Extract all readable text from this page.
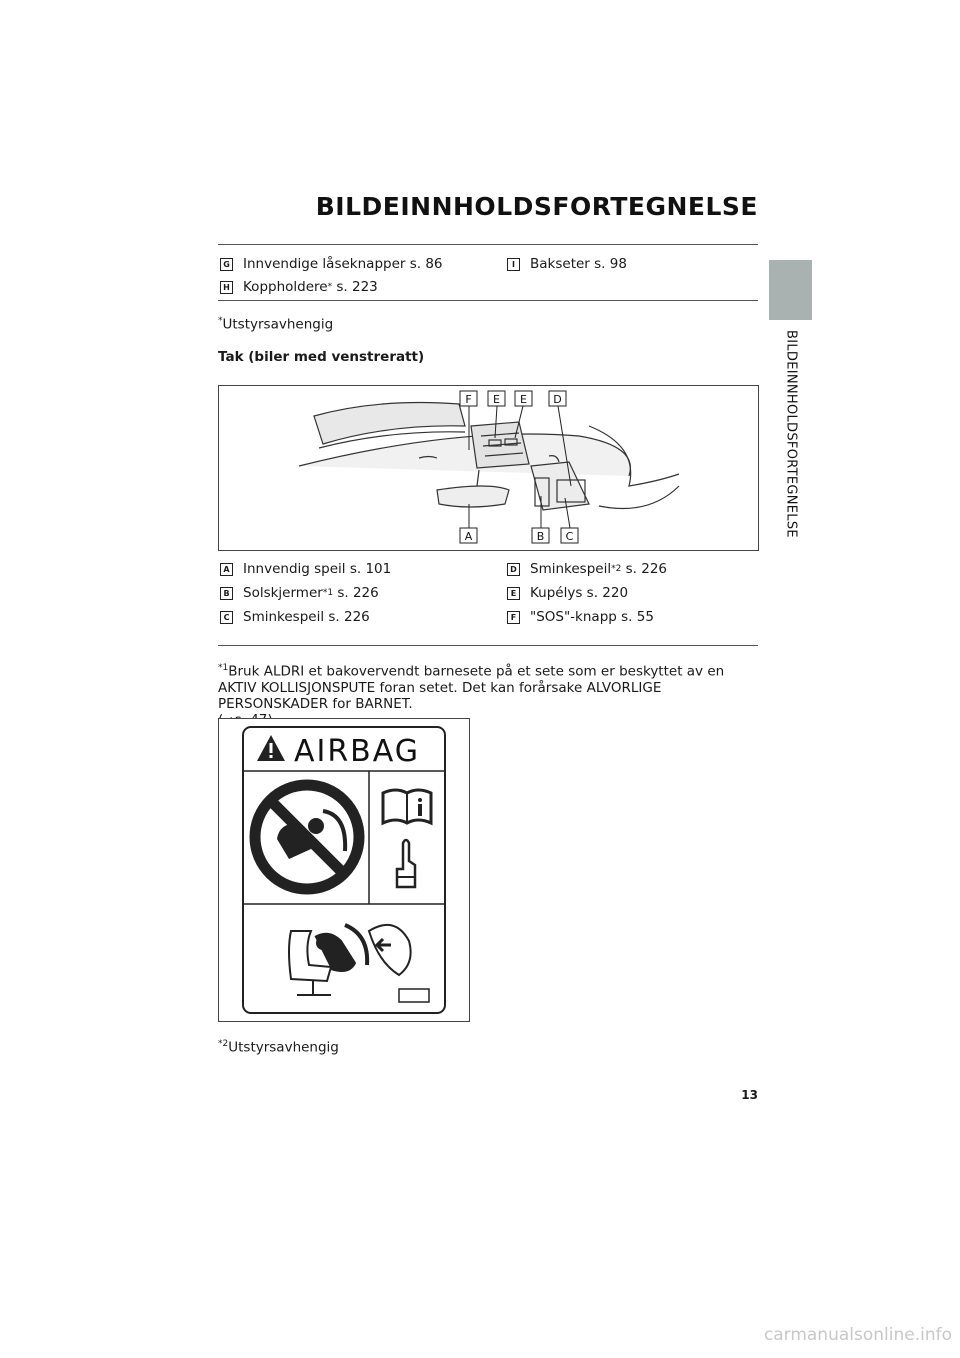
BILDEINNHOLDSFORTEGNELSE
BILDEINNHOLDSFORTEGNELSE
G Innvendige låseknapper s. 86	I	Bakseter s. 98
H Koppholdere * s. 223
*Utstyrsavhengig
Tak (biler med venstreratt)
F E E D
A	B C
A Innvendig speil s. 101	D Sminkespeil *2 s. 226
B Solskjermer *1 s. 226	E Kupélys s. 220
C Sminkespeil s. 226	F "SOS"-knapp s. 55
$^{*1}$Bruk ALDRI et bakovervendt barnesete på et sete som er beskyttet av en AKTIV KOLLISJONSPUTE foran setet. Det kan forårsake ALVORLIGE PERSONSKADER for BARNET.

AIRBAG
$^{*2}$Utstyrsavhengig
13
carmanualsonline.info
